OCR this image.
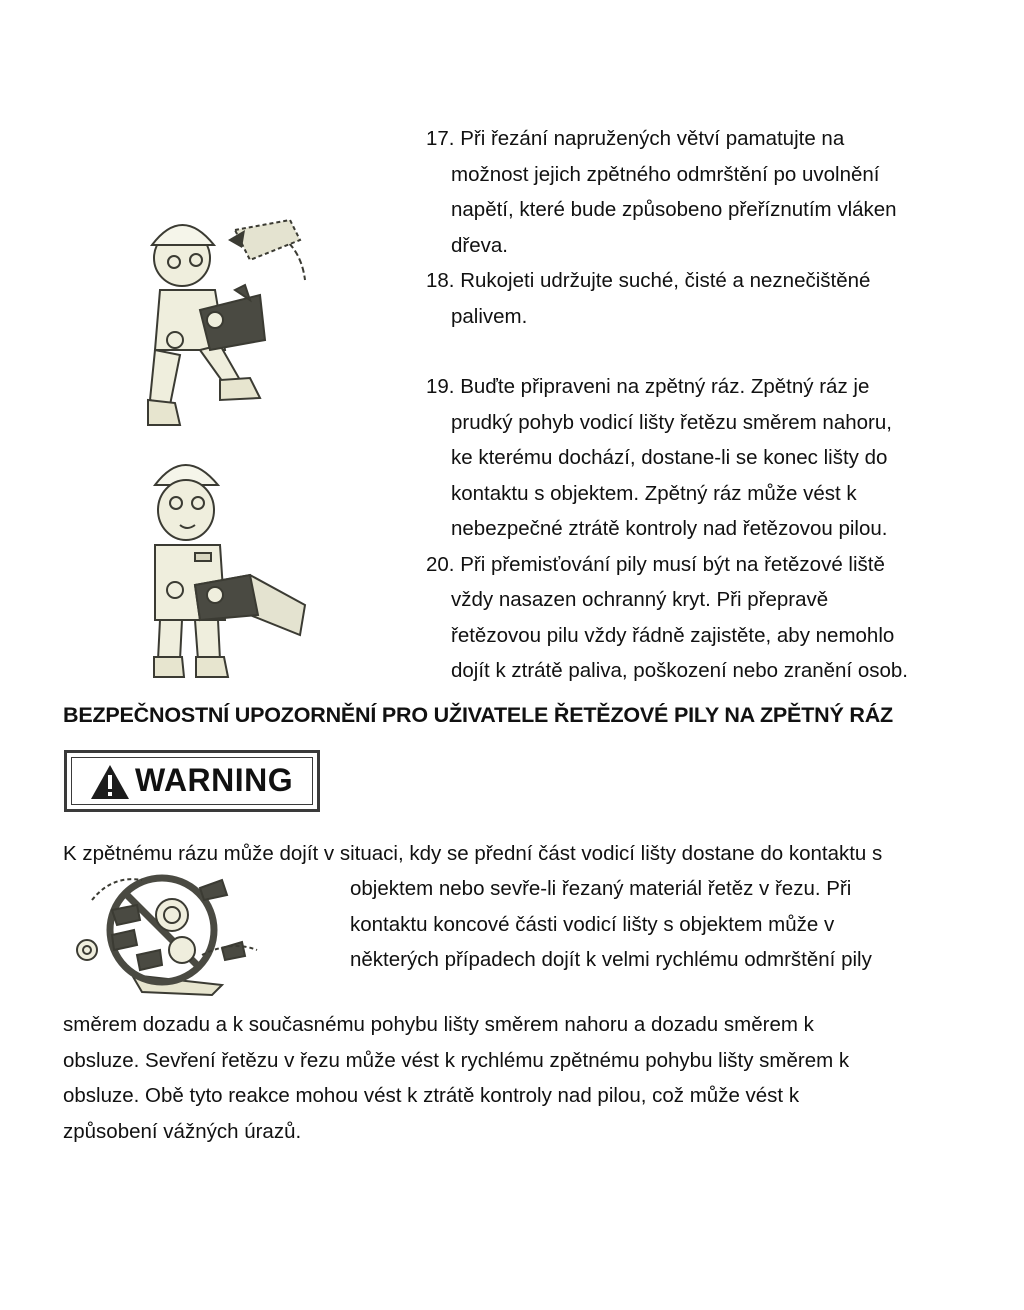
17. Při řezání napružených větví pamatujte na
možnost jejich zpětného odmrštění po uvolnění
napětí, které bude způsobeno přeříznutím vláken
dřeva.
18. Rukojeti udržujte suché, čisté a neznečištěné
palivem.
19. Buďte připraveni na zpětný ráz. Zpětný ráz je
prudký pohyb vodicí lišty řetězu směrem nahoru,
ke kterému dochází, dostane-li se konec lišty do
kontaktu s objektem. Zpětný ráz může vést k
nebezpečné ztrátě kontroly nad řetězovou pilou.
20. Při přemisťování pily musí být na řetězové liště
vždy nasazen ochranný kryt. Při přepravě
řetězovou pilu vždy řádně zajistěte, aby nemohlo
dojít k ztrátě paliva, poškození nebo zranění osob.
BEZPEČNOSTNÍ UPOZORNĚNÍ PRO UŽIVATELE ŘETĚZOVÉ PILY NA ZPĚTNÝ RÁZ
WARNING
K zpětnému rázu může dojít v situaci, kdy se přední část vodicí lišty dostane do kontaktu s
objektem nebo sevře-li řezaný materiál řetěz v řezu. Při
kontaktu koncové části vodicí lišty s objektem může v
některých případech dojít k velmi rychlému odmrštění pily
směrem dozadu a k současnému pohybu lišty směrem nahoru a dozadu směrem k
obsluze. Sevření řetězu v řezu může vést k rychlému zpětnému pohybu lišty směrem k
obsluze. Obě tyto reakce mohou vést k ztrátě kontroly nad pilou, což může vést k
způsobení vážných úrazů.
